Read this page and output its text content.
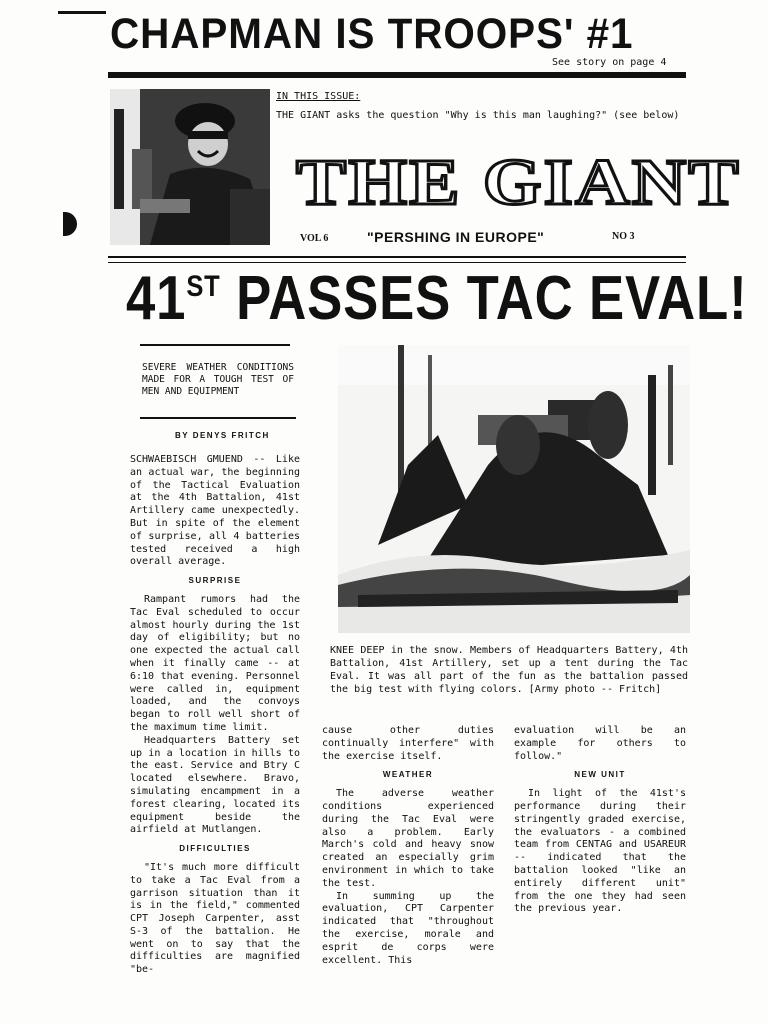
CHAPMAN IS TROOPS' #1
See story on page 4
IN THIS ISSUE:
THE GIANT asks the question "Why is this man laughing?" (see below)
THE GIANT
VOL 6	"PERSHING IN EUROPE"	NO 3
41ST PASSES TAC EVAL!
SEVERE WEATHER CONDITIONS MADE FOR A TOUGH TEST OF MEN AND EQUIPMENT
BY DENYS FRITCH

SCHWAEBISCH GMUEND -- Like an actual war, the beginning of the Tactical Evaluation at the 4th Battalion, 41st Artillery came unexpectedly. But in spite of the element of surprise, all 4 batteries tested received a high overall average.

SURPRISE

Rampant rumors had the Tac Eval scheduled to occur almost hourly during the 1st day of eligibility; but no one expected the actual call when it finally came -- at 6:10 that evening. Personnel were called in, equipment loaded, and the convoys began to roll well short of the maximum time limit.

Headquarters Battery set up in a location in hills to the east. Service and Btry C located elsewhere. Bravo, simulating encampment in a forest clearing, located its equipment beside the airfield at Mutlangen.

DIFFICULTIES

"It's much more difficult to take a Tac Eval from a garrison situation than it is in the field," commented CPT Joseph Carpenter, asst S-3 of the battalion. He went on to say that the difficulties are magnified "be-

KNEE DEEP in the snow. Members of Headquarters Battery, 4th Battalion, 41st Artillery, set up a tent during the Tac Eval. It was all part of the fun as the battalion passed the big test with flying colors. [Army photo -- Fritch]

cause other duties continually interfere" with the exercise itself.

WEATHER

The adverse weather conditions experienced during the Tac Eval were also a problem. Early March's cold and heavy snow created an especially grim environment in which to take the test.

In summing up the evaluation, CPT Carpenter indicated that "throughout the exercise, morale and esprit de corps were excellent. This

evaluation will be an example for others to follow."

NEW UNIT

In light of the 41st's performance during their stringently graded exercise, the evaluators - a combined team from CENTAG and USAREUR -- indicated that the battalion looked "like an entirely different unit" from the one they had seen the previous year.
